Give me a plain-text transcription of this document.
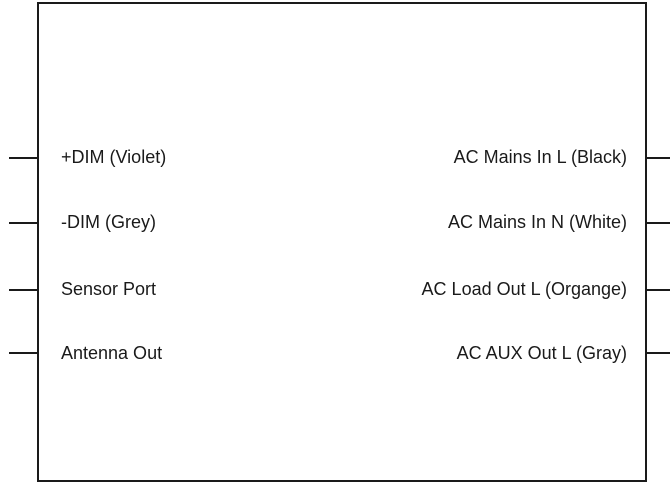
+DIM (Violet)
-DIM (Grey)
Sensor Port
Antenna Out
AC Mains In L (Black)
AC Mains In N (White)
AC Load Out L (Organge)
AC AUX Out L (Gray)
